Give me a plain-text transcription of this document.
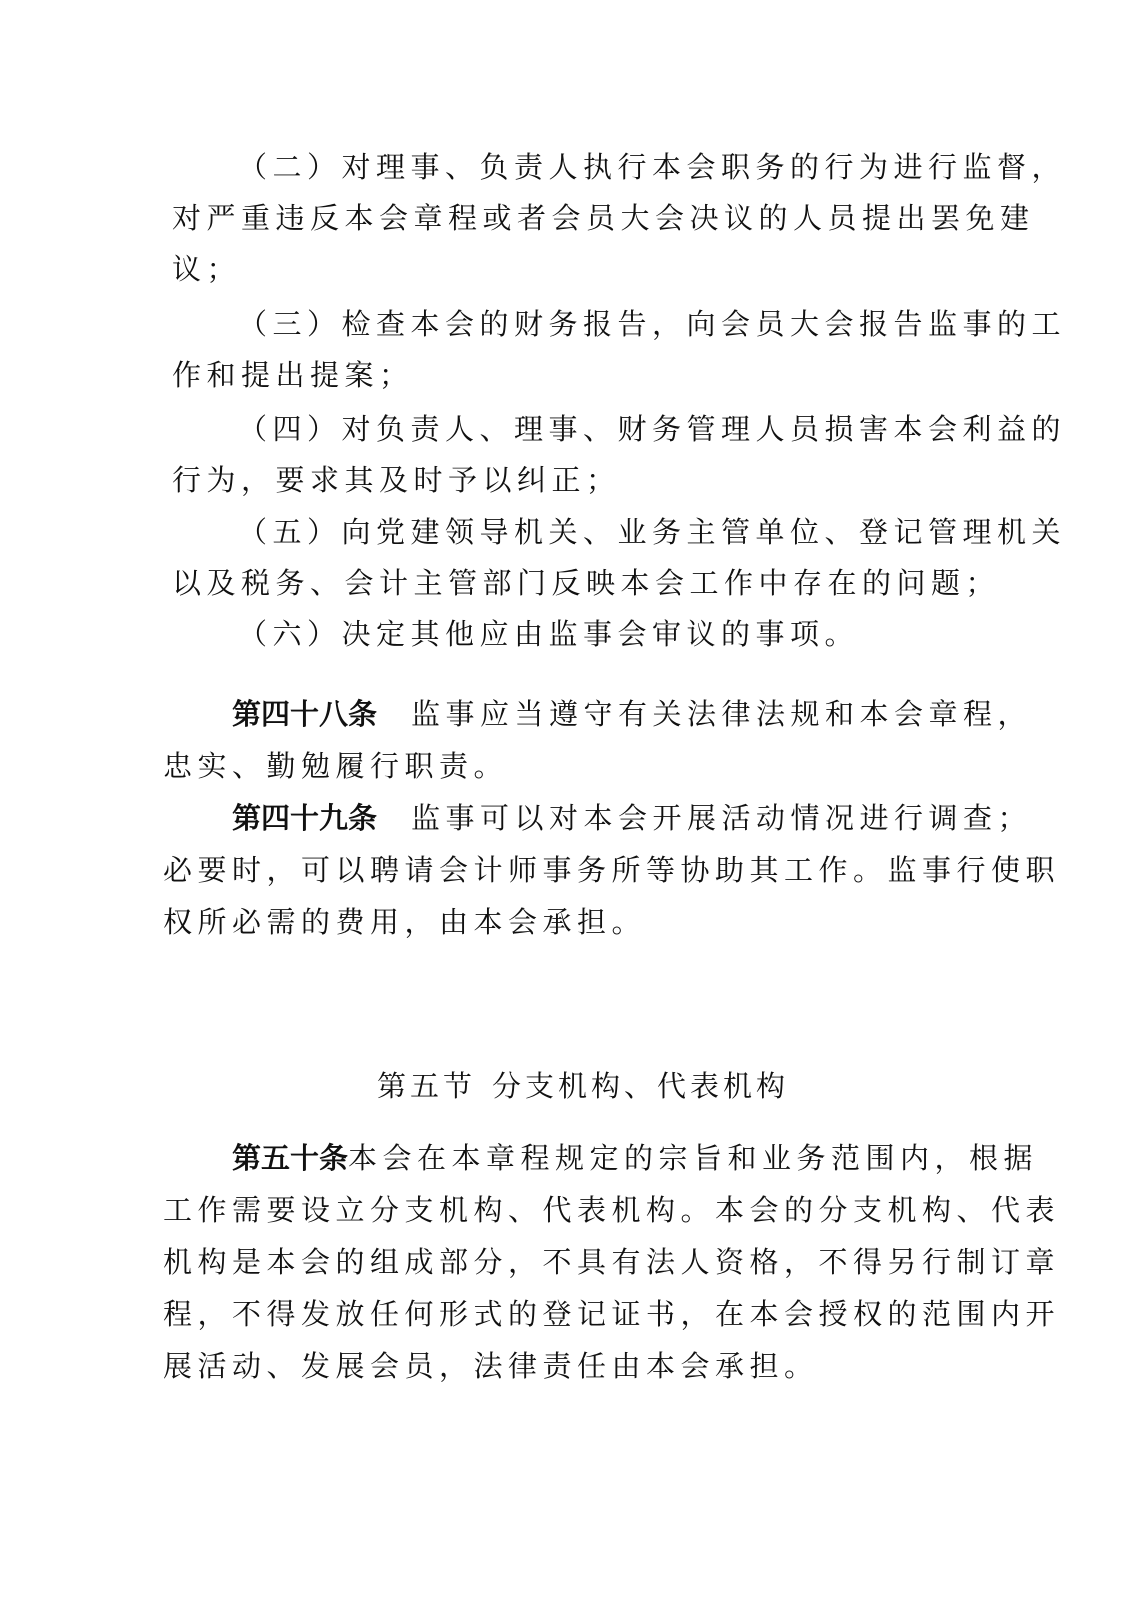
（二）对理事、负责人执行本会职务的行为进行监督，
对严重违反本会章程或者会员大会决议的人员提出罢免建
议；
（三）检查本会的财务报告，向会员大会报告监事的工
作和提出提案；
（四）对负责人、理事、财务管理人员损害本会利益的
行为，要求其及时予以纠正；
（五）向党建领导机关、业务主管单位、登记管理机关
以及税务、会计主管部门反映本会工作中存在的问题；
（六）决定其他应由监事会审议的事项。
第四十八条 监事应当遵守有关法律法规和本会章程，
忠实、勤勉履行职责。
第四十九条 监事可以对本会开展活动情况进行调查；
必要时，可以聘请会计师事务所等协助其工作。监事行使职
权所必需的费用，由本会承担。
第五节 分支机构、代表机构
第五十条本会在本章程规定的宗旨和业务范围内，根据
工作需要设立分支机构、代表机构。本会的分支机构、代表
机构是本会的组成部分，不具有法人资格，不得另行制订章
程，不得发放任何形式的登记证书，在本会授权的范围内开
展活动、发展会员，法律责任由本会承担。
